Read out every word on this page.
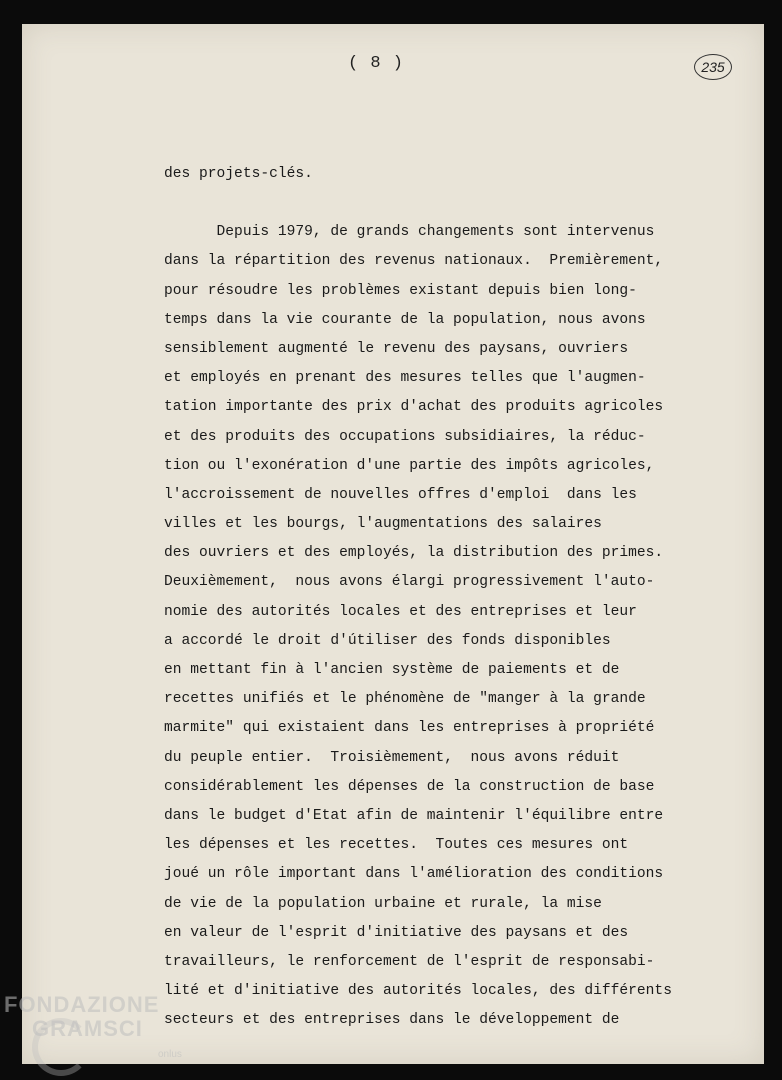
( 8 )	235

des projets-clés.

Depuis 1979, de grands changements sont intervenus

dans la répartition des revenus nationaux.  Premièrement,

pour résoudre les problèmes existant depuis bien long-

temps dans la vie courante de la population, nous avons

sensiblement augmenté le revenu des paysans, ouvriers

et employés en prenant des mesures telles que l'augmen-

tation importante des prix d'achat des produits agricoles

et des produits des occupations subsidiaires, la réduc-

tion ou l'exonération d'une partie des impôts agricoles,

l'accroissement de nouvelles offres d'emploi  dans les

villes et les bourgs, l'augmentations des salaires

des ouvriers et des employés, la distribution des primes.

Deuxièmement,  nous avons élargi progressivement l'auto-

nomie des autorités locales et des entreprises et leur

a accordé le droit d'útiliser des fonds disponibles

en mettant fin à l'ancien système de paiements et de

recettes unifiés et le phénomène de "manger à la grande

marmite" qui existaient dans les entreprises à propriété

du peuple entier.  Troisièmement,  nous avons réduit

considérablement les dépenses de la construction de base

dans le budget d'Etat afin de maintenir l'équilibre entre

les dépenses et les recettes.  Toutes ces mesures ont

joué un rôle important dans l'amélioration des conditions

de vie de la population urbaine et rurale, la mise

en valeur de l'esprit d'initiative des paysans et des

travailleurs, le renforcement de l'esprit de responsabi-

lité et d'initiative des autorités locales, des différents

secteurs et des entreprises dans le développement de

FONDAZIONE
GRAMSCI
onlus
